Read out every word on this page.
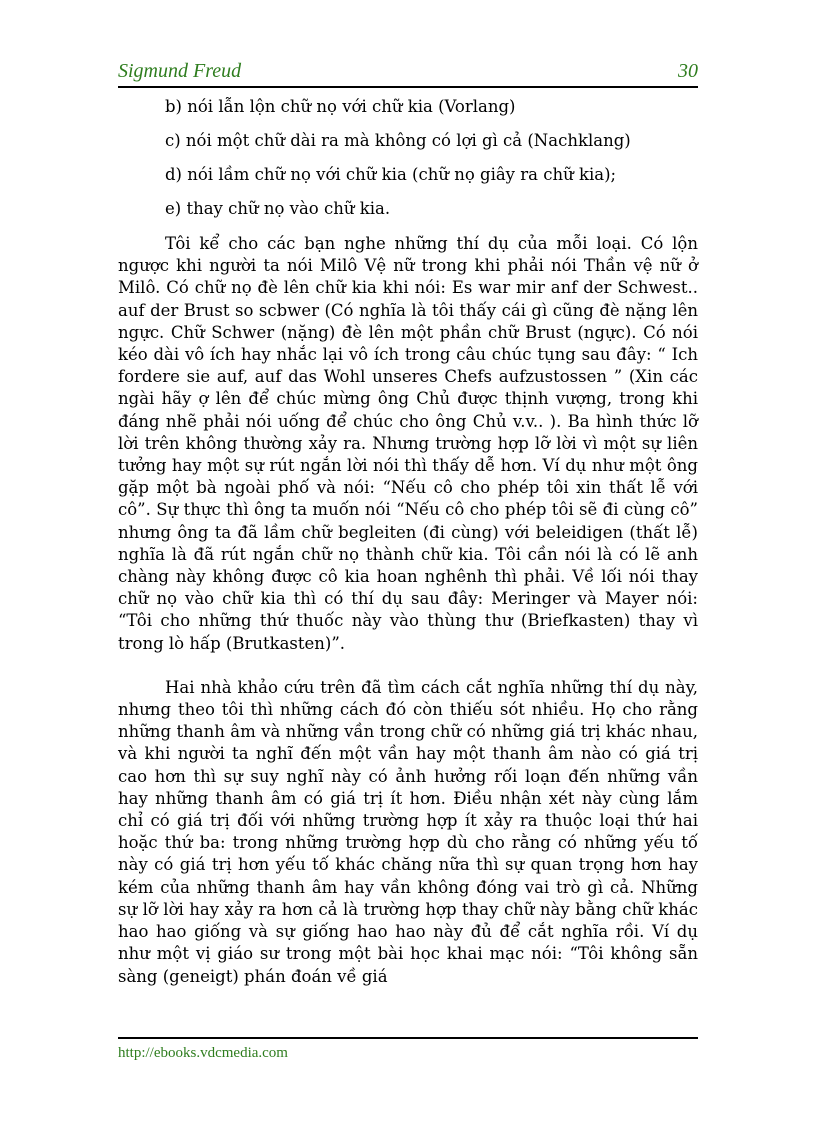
Sigmund Freud	30
b) nói lẫn lộn chữ nọ với chữ kia (Vorlang)
c) nói một chữ dài ra mà không có lợi gì cả (Nachklang)
d) nói lầm chữ nọ với chữ kia (chữ nọ giây ra chữ kia);
e) thay chữ nọ vào chữ kia.

Tôi kể cho các bạn nghe những thí dụ của mỗi loại. Có lộn ngược khi người ta nói Milô Vệ nữ trong khi phải nói Thần vệ nữ ở Milô. Có chữ nọ đè lên chữ kia khi nói: Es war mir anf der Schwest.. auf der Brust so scbwer (Có nghĩa là tôi thấy cái gì cũng đè nặng lên ngực. Chữ Schwer (nặng) đè lên một phần chữ Brust (ngực). Có nói kéo dài vô ích hay nhắc lại vô ích trong câu chúc tụng sau đây: “ Ich fordere sie auf, auf das Wohl unseres Chefs aufzustossen ” (Xin các ngài hãy ợ lên để chúc mừng ông Chủ được thịnh vượng, trong khi đáng nhẽ phải nói uống để chúc cho ông Chủ v.v.. ). Ba hình thức lỡ lời trên không thường xảy ra. Nhưng trường hợp lỡ lời vì một sự liên tưởng hay một sự rút ngắn lời nói thì thấy dễ hơn. Ví dụ như một ông gặp một bà ngoài phố và nói: “Nếu cô cho phép tôi xin thất lễ với cô”. Sự thực thì ông ta muốn nói “Nếu cô cho phép tôi sẽ đi cùng cô” nhưng ông ta đã lầm chữ begleiten (đi cùng) với beleidigen (thất lễ) nghĩa là đã rút ngắn chữ nọ thành chữ kia. Tôi cần nói là có lẽ anh chàng này không được cô kia hoan nghênh thì phải. Về lối nói thay chữ nọ vào chữ kia thì có thí dụ sau đây: Meringer và Mayer nói: “Tôi cho những thứ thuốc này vào thùng thư (Briefkasten) thay vì trong lò hấp (Brutkasten)”.

Hai nhà khảo cứu trên đã tìm cách cắt nghĩa những thí dụ này, nhưng theo tôi thì những cách đó còn thiếu sót nhiều. Họ cho rằng những thanh âm và những vần trong chữ có những giá trị khác nhau, và khi người ta nghĩ đến một vần hay một thanh âm nào có giá trị cao hơn thì sự suy nghĩ này có ảnh hưởng rối loạn đến những vần hay những thanh âm có giá trị ít hơn. Điều nhận xét này cùng lắm chỉ có giá trị đối với những trường hợp ít xảy ra thuộc loại thứ hai hoặc thứ ba: trong những trường hợp dù cho rằng có những yếu tố này có giá trị hơn yếu tố khác chăng nữa thì sự quan trọng hơn hay kém của những thanh âm hay vần không đóng vai trò gì cả. Những sự lỡ lời hay xảy ra hơn cả là trường hợp thay chữ này bằng chữ khác hao hao giống và sự giống hao hao này đủ để cắt nghĩa rồi. Ví dụ như một vị giáo sư trong một bài học khai mạc nói: “Tôi không sẵn sàng (geneigt) phán đoán về giá

http://ebooks.vdcmedia.com
